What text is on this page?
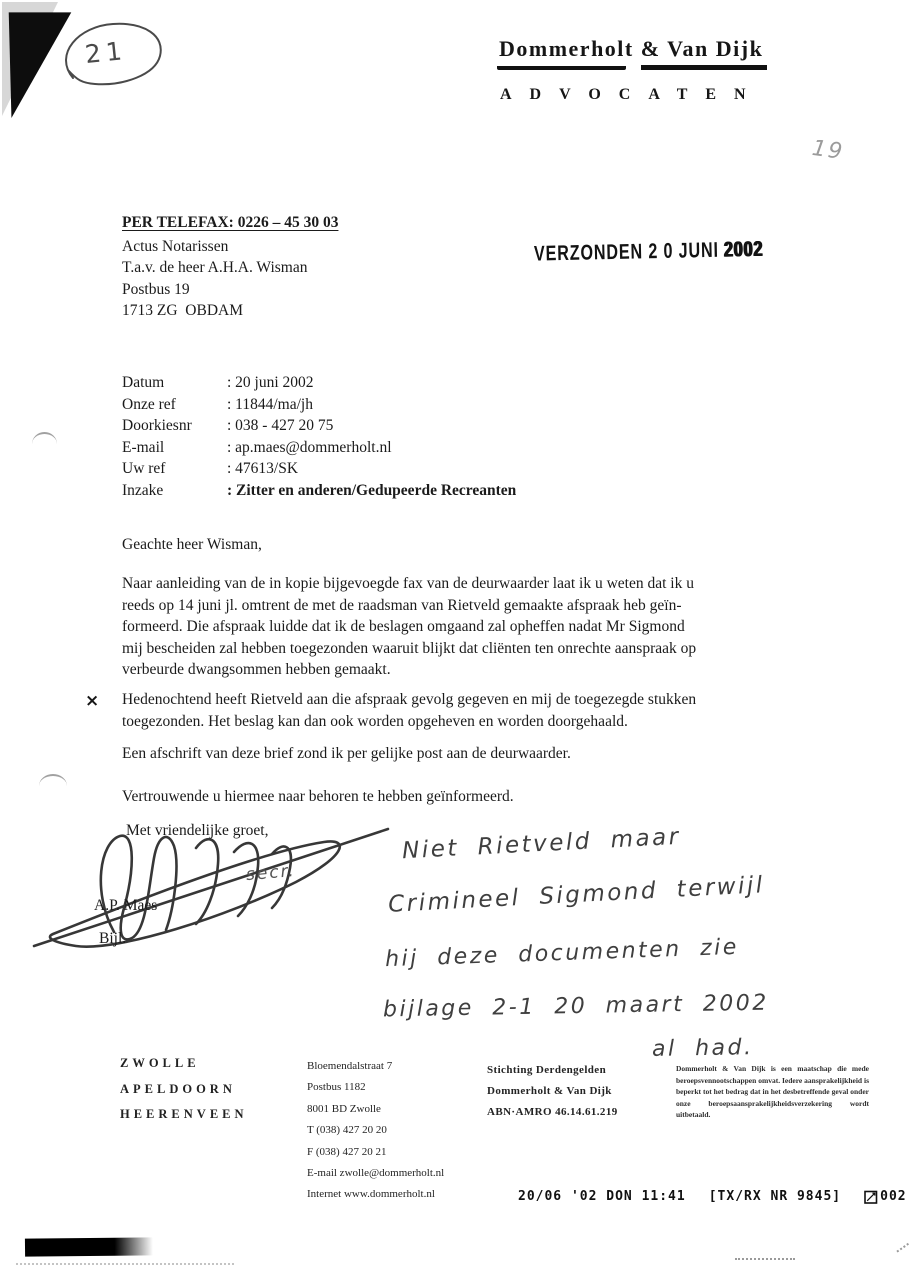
21
19
Dommerholt & Van Dijk
ADVOCATEN
PER TELEFAX: 0226 – 45 30 03
Actus Notarissen
T.a.v. de heer A.H.A. Wisman
Postbus 19
1713 ZG  OBDAM
VERZONDEN 2 0 JUNI 2002
Datum	: 20 juni 2002
Onze ref	: 11844/ma/jh
Doorkiesnr	: 038 - 427 20 75
E-mail	: ap.maes@dommerholt.nl
Uw ref	: 47613/SK
Inzake	: Zitter en anderen/Gedupeerde Recreanten
Geachte heer Wisman,
Naar aanleiding van de in kopie bijgevoegde fax van de deurwaarder laat ik u weten dat ik u
reeds op 14 juni jl. omtrent de met de raadsman van Rietveld gemaakte afspraak heb geïn-
formeerd. Die afspraak luidde dat ik de beslagen omgaand zal opheffen nadat Mr Sigmond
mij bescheiden zal hebben toegezonden waaruit blijkt dat cliënten ten onrechte aanspraak op
verbeurde dwangsommen hebben gemaakt.
× Hedenochtend heeft Rietveld aan die afspraak gevolg gegeven en mij de toegezegde stukken
toegezonden. Het beslag kan dan ook worden opgeheven en worden doorgehaald.
Een afschrift van deze brief zond ik per gelijke post aan de deurwaarder.
Vertrouwende u hiermee naar behoren te hebben geïnformeerd.
Met vriendelijke groet,
secr.
A.P. Maes
Bijl.
Niet Rietveld maar
Crimineel Sigmond terwijl
hij deze documenten zie
bijlage 2-1 20 maart 2002
al had.
ZWOLLE
APELDOORN
HEERENVEEN
Bloemendalstraat 7
Postbus 1182
8001 BD Zwolle
T (038) 427 20 20
F (038) 427 20 21
E-mail zwolle@dommerholt.nl
Internet www.dommerholt.nl
Stichting Derdengelden
Dommerholt & Van Dijk
ABN·AMRO 46.14.61.219
Dommerholt & Van Dijk is een maatschap die mede beroepsvennootschappen omvat. Iedere aansprakelijkheid is beperkt tot het bedrag dat in het desbetreffende geval onder onze beroepsaansprakelijkheidsverzekering wordt uitbetaald.
20/06 '02 DON 11:41 [TX/RX NR 9845]	002
